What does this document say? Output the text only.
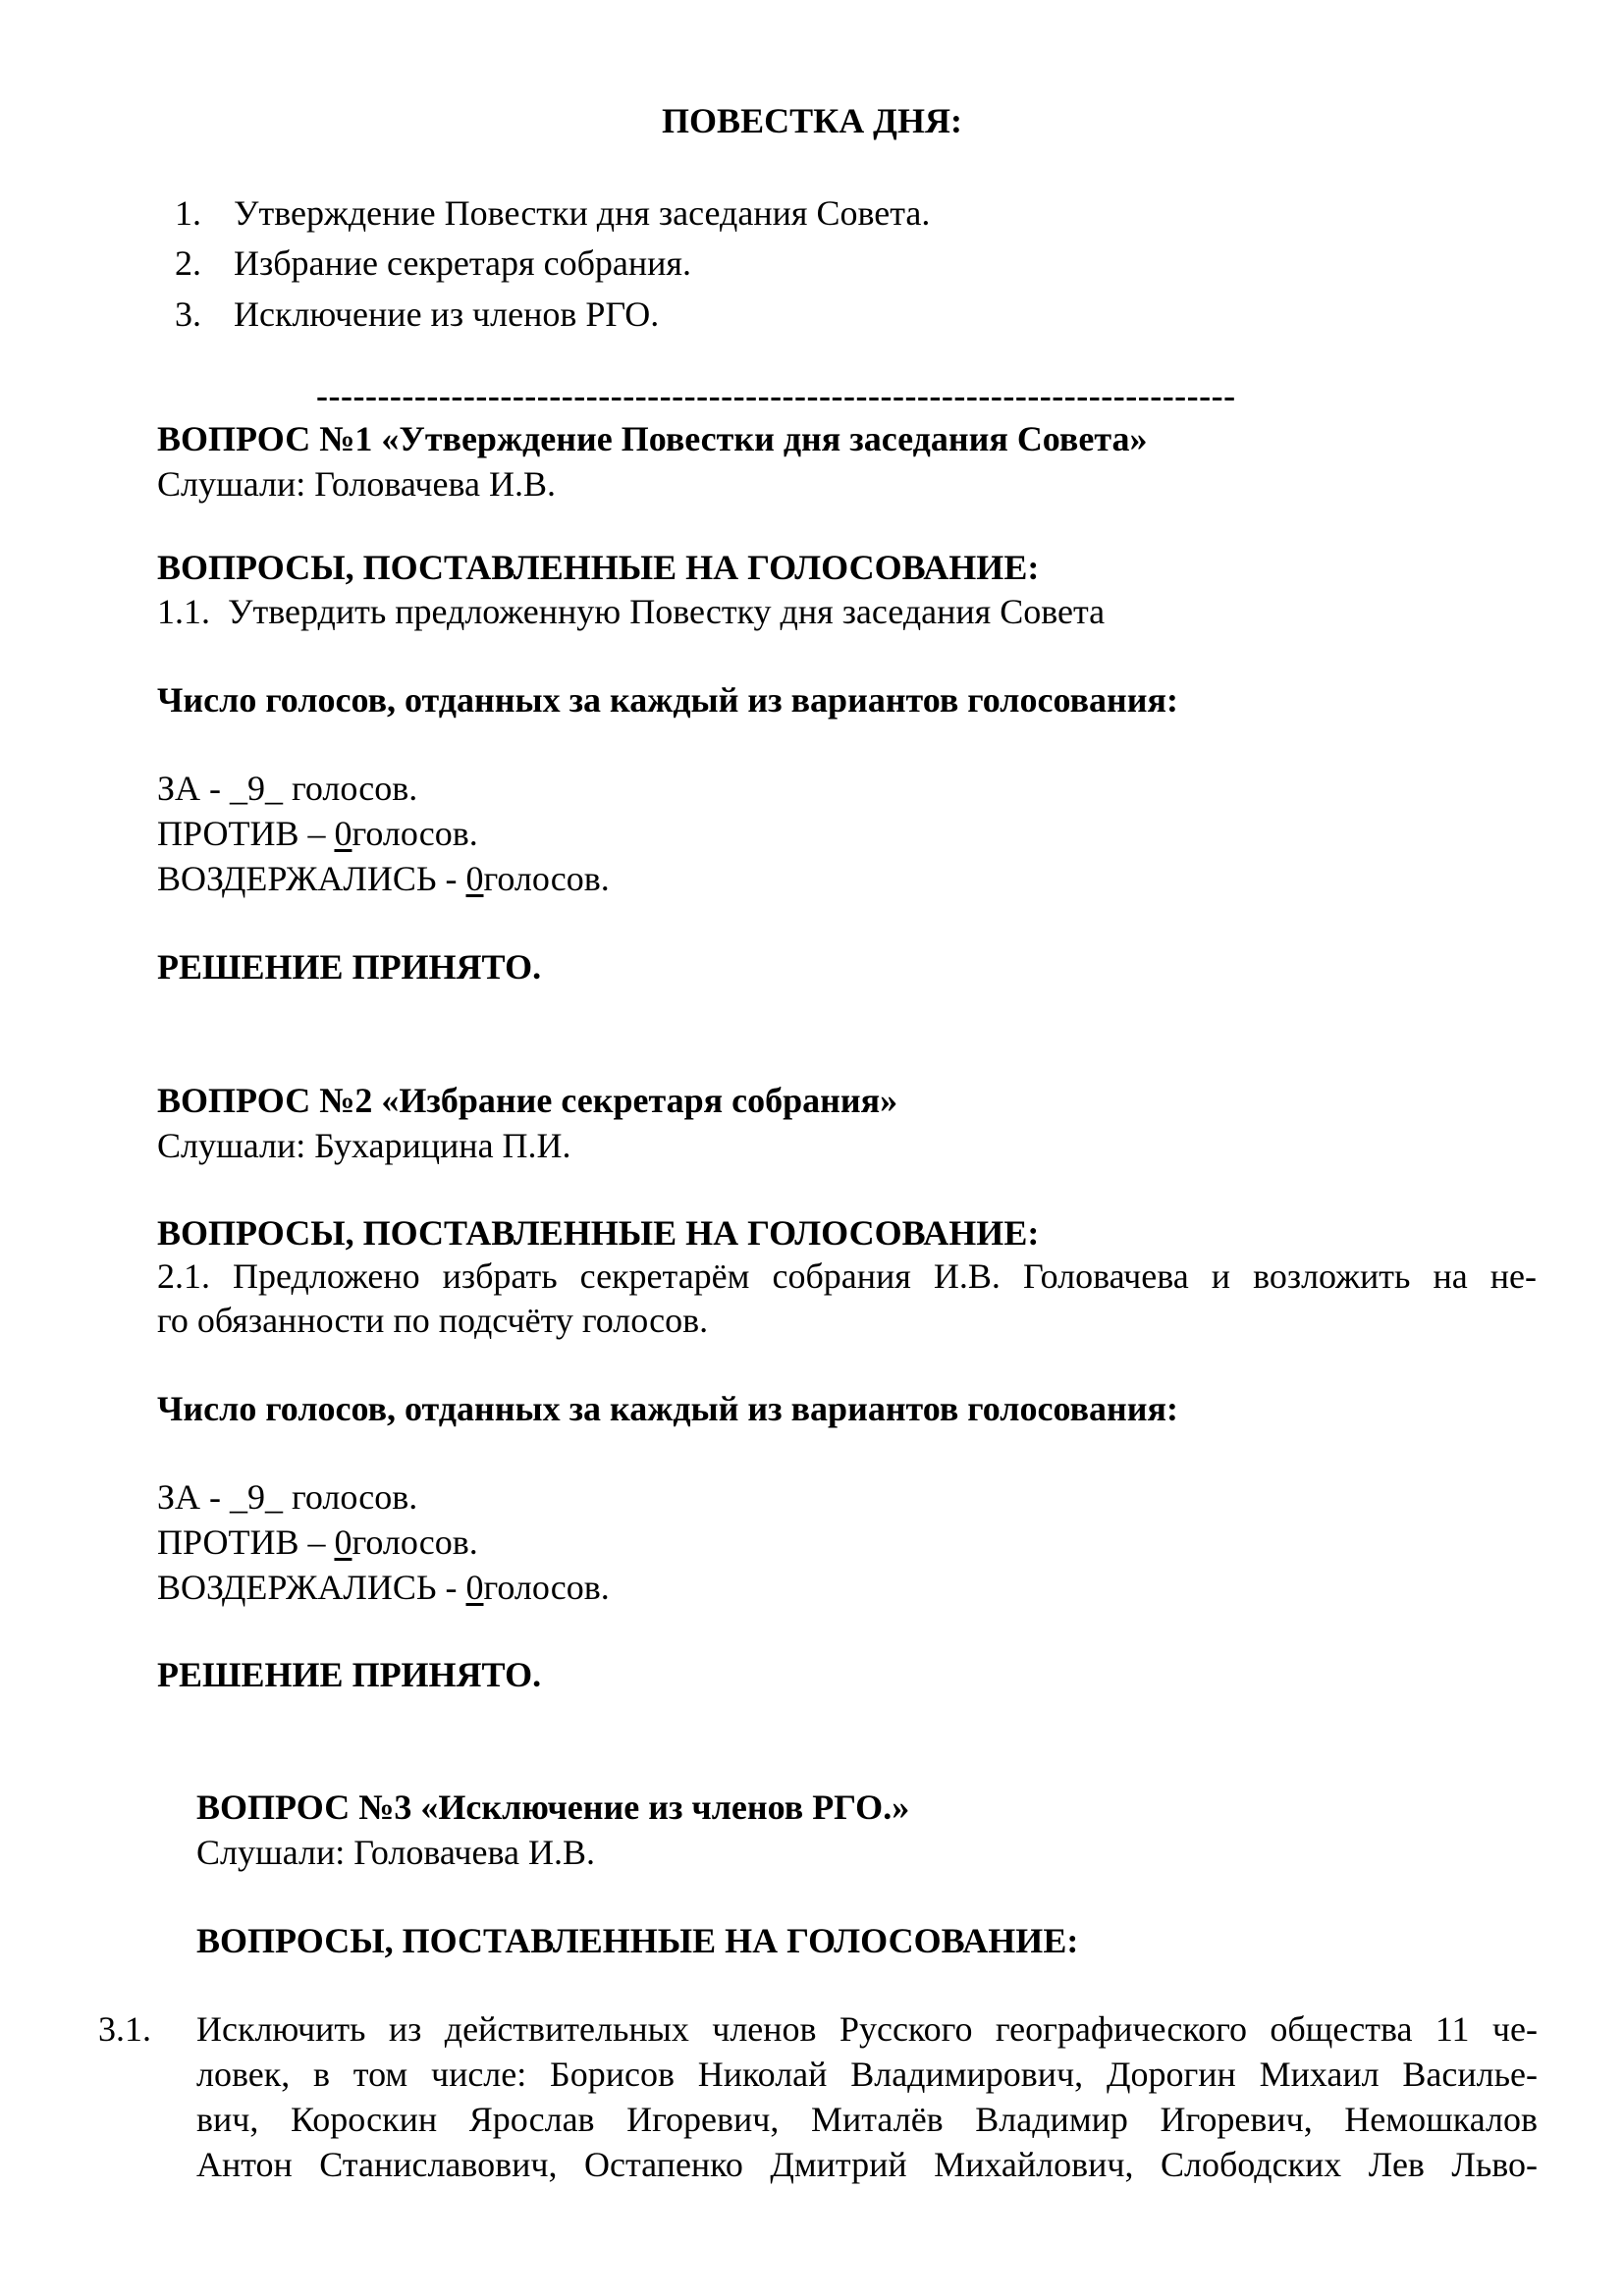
ПОВЕСТКА ДНЯ:
1. Утверждение Повестки дня заседания Совета.
2. Избрание секретаря собрания.
3. Исключение из членов РГО.
---------------------------------------------------------------------------
ВОПРОС №1 «Утверждение Повестки дня заседания Совета»
Слушали: Головачева И.В.
ВОПРОСЫ, ПОСТАВЛЕННЫЕ НА ГОЛОСОВАНИЕ:
1.1. Утвердить предложенную Повестку дня заседания Совета
Число голосов, отданных за каждый из вариантов голосования:
ЗА - _9_ голосов.
ПРОТИВ – 0голосов.
ВОЗДЕРЖАЛИСЬ - 0голосов.
РЕШЕНИЕ ПРИНЯТО.
ВОПРОС №2 «Избрание секретаря собрания»
Слушали: Бухарицина П.И.
ВОПРОСЫ, ПОСТАВЛЕННЫЕ НА ГОЛОСОВАНИЕ:
2.1. Предложено избрать секретарём собрания И.В. Головачева и возложить на не-
го обязанности по подсчёту голосов.
Число голосов, отданных за каждый из вариантов голосования:
ЗА - _9_ голосов.
ПРОТИВ – 0голосов.
ВОЗДЕРЖАЛИСЬ - 0голосов.
РЕШЕНИЕ ПРИНЯТО.
ВОПРОС №3 «Исключение из членов РГО.»
Слушали: Головачева И.В.
ВОПРОСЫ, ПОСТАВЛЕННЫЕ НА ГОЛОСОВАНИЕ:
3.1. Исключить из действительных членов Русского географического общества 11 че-
ловек, в том числе: Борисов Николай Владимирович, Дорогин Михаил Василье-
вич, Короскин Ярослав Игоревич, Миталёв Владимир Игоревич, Немошкалов
Антон Станиславович, Остапенко Дмитрий Михайлович, Слободских Лев Льво-
